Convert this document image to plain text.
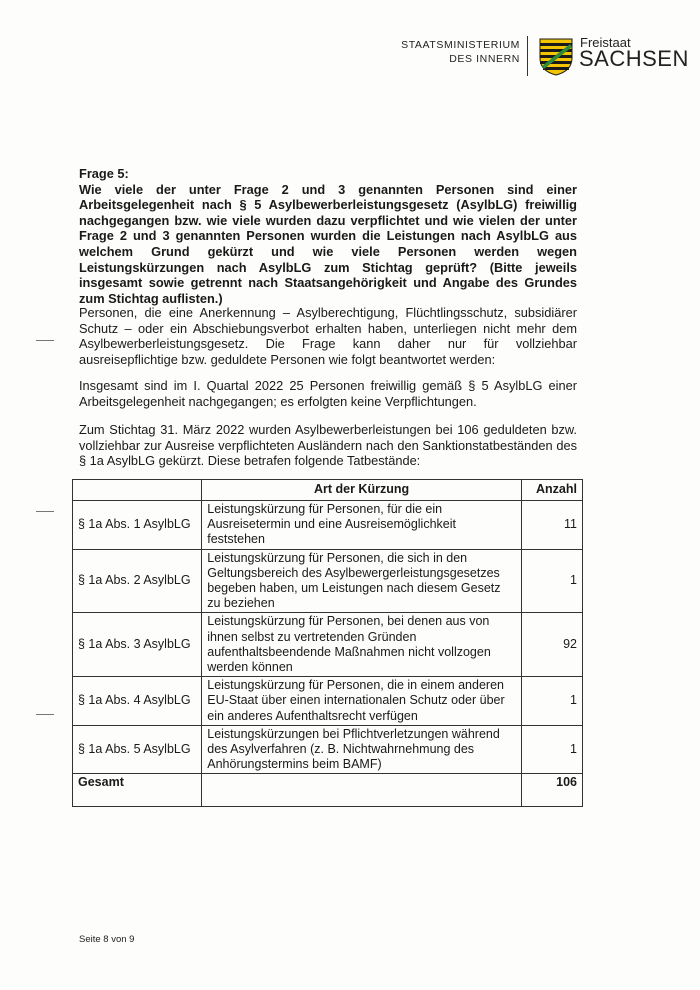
STAATSMINISTERIUM
DES INNERN
Freistaat
SACHSEN
Frage 5:
Wie viele der unter Frage 2 und 3 genannten Personen sind einer Arbeitsgelegenheit nach § 5 Asylbewerberleistungsgesetz (AsylbLG) freiwillig nachgegangen bzw. wie viele wurden dazu verpflichtet und wie vielen der unter Frage 2 und 3 genannten Personen wurden die Leistungen nach AsylbLG aus welchem Grund gekürzt und wie viele Personen werden wegen Leistungskürzungen nach AsylbLG zum Stichtag geprüft? (Bitte jeweils insgesamt sowie getrennt nach Staatsangehörigkeit und Angabe des Grundes zum Stichtag auflisten.)

Personen, die eine Anerkennung – Asylberechtigung, Flüchtlingsschutz, subsidiärer Schutz – oder ein Abschiebungsverbot erhalten haben, unterliegen nicht mehr dem Asylbewerberleistungsgesetz. Die Frage kann daher nur für vollziehbar ausreisepflichtige bzw. geduldete Personen wie folgt beantwortet werden:

Insgesamt sind im I. Quartal 2022 25 Personen freiwillig gemäß § 5 AsylbLG einer Arbeitsgelegenheit nachgegangen; es erfolgten keine Verpflichtungen.

Zum Stichtag 31. März 2022 wurden Asylbewerberleistungen bei 106 geduldeten bzw. vollziehbar zur Ausreise verpflichteten Ausländern nach den Sanktionstatbeständen des § 1a AsylbLG gekürzt. Diese betrafen folgende Tatbestände:

	Art der Kürzung	Anzahl
§ 1a Abs. 1 AsylbLG	Leistungskürzung für Personen, für die ein Ausreisetermin und eine Ausreisemöglichkeit feststehen	11
§ 1a Abs. 2 AsylbLG	Leistungskürzung für Personen, die sich in den Geltungsbereich des Asylbewergerleistungsgesetzes begeben haben, um Leistungen nach diesem Gesetz zu beziehen	1
§ 1a Abs. 3 AsylbLG	Leistungskürzung für Personen, bei denen aus von ihnen selbst zu vertretenden Gründen aufenthaltsbeendende Maßnahmen nicht vollzogen werden können	92
§ 1a Abs. 4 AsylbLG	Leistungskürzung für Personen, die in einem anderen EU-Staat über einen internationalen Schutz oder über ein anderes Aufenthaltsrecht verfügen	1
§ 1a Abs. 5 AsylbLG	Leistungskürzungen bei Pflichtverletzungen während des Asylverfahren (z. B. Nichtwahrnehmung des Anhörungstermins beim BAMF)	1
Gesamt		106
Seite 8 von 9
